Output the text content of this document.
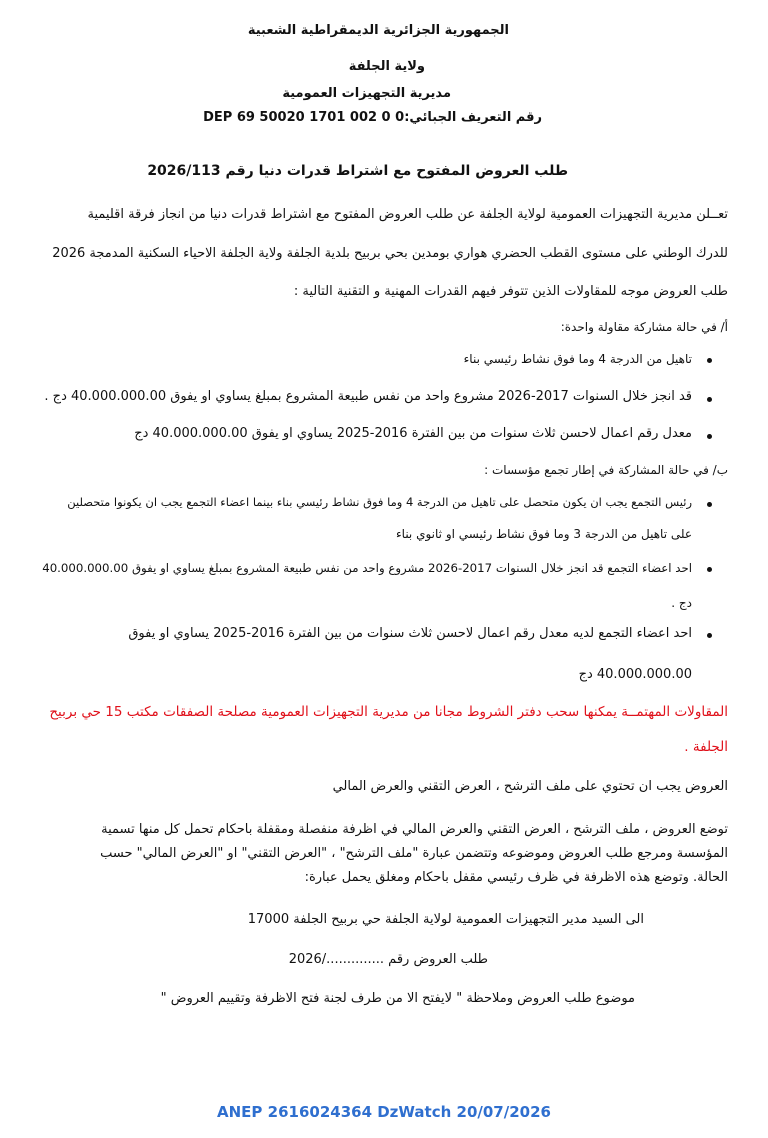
الجمهورية الجزائرية الديمقراطية الشعبية
ولاية الجلفة
مديرية التجهيزات العمومية
رقم التعريف الجبائي:DEP 69 50020 1701 002 0 0
طلب العروض المفتوح مع اشتراط قدرات دنيا رقم 2026/113
تعــلن مديرية التجهيزات العمومية لولاية الجلفة عن طلب العروض المفتوح مع اشتراط قدرات دنيا من انجاز فرقة اقليمية
للدرك الوطني على مستوى القطب الحضري هواري بومدين بحي بربيح بلدية الجلفة ولاية الجلفة الاحياء السكنية المدمجة 2026
طلب العروض موجه للمقاولات الذين تتوفر فيهم القدرات المهنية و التقنية التالية :
أ/ في حالة مشاركة مقاولة واحدة:
تاهيل من الدرجة 4 وما فوق نشاط رئيسي بناء
قد انجز خلال السنوات 2017-2026 مشروع واحد من نفس طبيعة المشروع بمبلغ يساوي او يفوق 40.000.000.00 دج .
معدل رقم اعمال لاحسن ثلاث سنوات من بين الفترة 2016-2025 يساوي او يفوق 40.000.000.00 دج
ب/ في حالة المشاركة في إطار تجمع مؤسسات :
رئيس التجمع يجب ان يكون متحصل على تاهيل من الدرجة 4 وما فوق نشاط رئيسي بناء بينما اعضاء التجمع يجب ان يكونوا متحصلين
على تاهيل من الدرجة 3 وما فوق نشاط رئيسي او ثانوي بناء
احد اعضاء التجمع قد انجز خلال السنوات 2017-2026 مشروع واحد من نفس طبيعة المشروع بمبلغ يساوي او يفوق 40.000.000.00
دج .
احد اعضاء التجمع لديه معدل رقم اعمال لاحسن ثلاث سنوات من بين الفترة 2016-2025 يساوي او يفوق
40.000.000.00 دج
المقاولات المهتمــة يمكنها سحب دفتر الشروط مجانا من مديرية التجهيزات العمومية مصلحة الصفقات مكتب 15 حي بربيح
الجلفة .
العروض يجب ان تحتوي على ملف الترشح ، العرض التقني والعرض المالي
توضع العروض ، ملف الترشح ، العرض التقني والعرض المالي في اظرفة منفصلة ومقفلة باحكام تحمل كل منها تسمية
المؤسسة ومرجع طلب العروض وموضوعه وتتضمن عبارة "ملف الترشح" ، "العرض التقني" او "العرض المالي" حسب
الحالة. وتوضع هذه الاظرفة في ظرف رئيسي مقفل باحكام ومغلق يحمل عبارة:
الى السيد مدير التجهيزات العمومية لولاية الجلفة حي بربيح الجلفة 17000
طلب العروض رقم ............../2026
موضوع طلب العروض وملاحظة " لايفتح الا من طرف لجنة فتح الاظرفة وتقييم العروض "
ANEP 2616024364 DzWatch 20/07/2026
